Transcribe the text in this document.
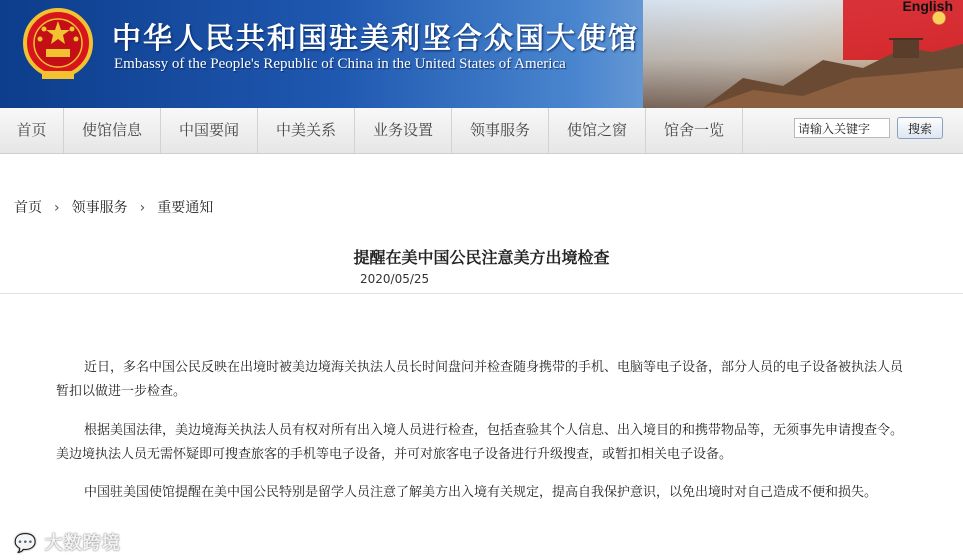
中华人民共和国驻美利坚合众国大使馆
Embassy of the People's Republic of China in the United States of America
English
首页	使馆信息	中国要闻	中美关系	业务设置	领事服务	使馆之窗	馆舍一览
请输入关键字	搜索
首页 › 领事服务 › 重要通知
提醒在美中国公民注意美方出境检查
2020/05/25

近日，多名中国公民反映在出境时被美边境海关执法人员长时间盘问并检查随身携带的手机、电脑等电子设备，部分人员的电子设备被执法人员暂扣以做进一步检查。

根据美国法律，美边境海关执法人员有权对所有出入境人员进行检查，包括查验其个人信息、出入境目的和携带物品等，无须事先申请搜查令。美边境执法人员无需怀疑即可搜查旅客的手机等电子设备，并可对旅客电子设备进行升级搜查，或暂扣相关电子设备。

中国驻美国使馆提醒在美中国公民特别是留学人员注意了解美方出入境有关规定，提高自我保护意识，以免出境时对自己造成不便和损失。

💬 大数跨境
